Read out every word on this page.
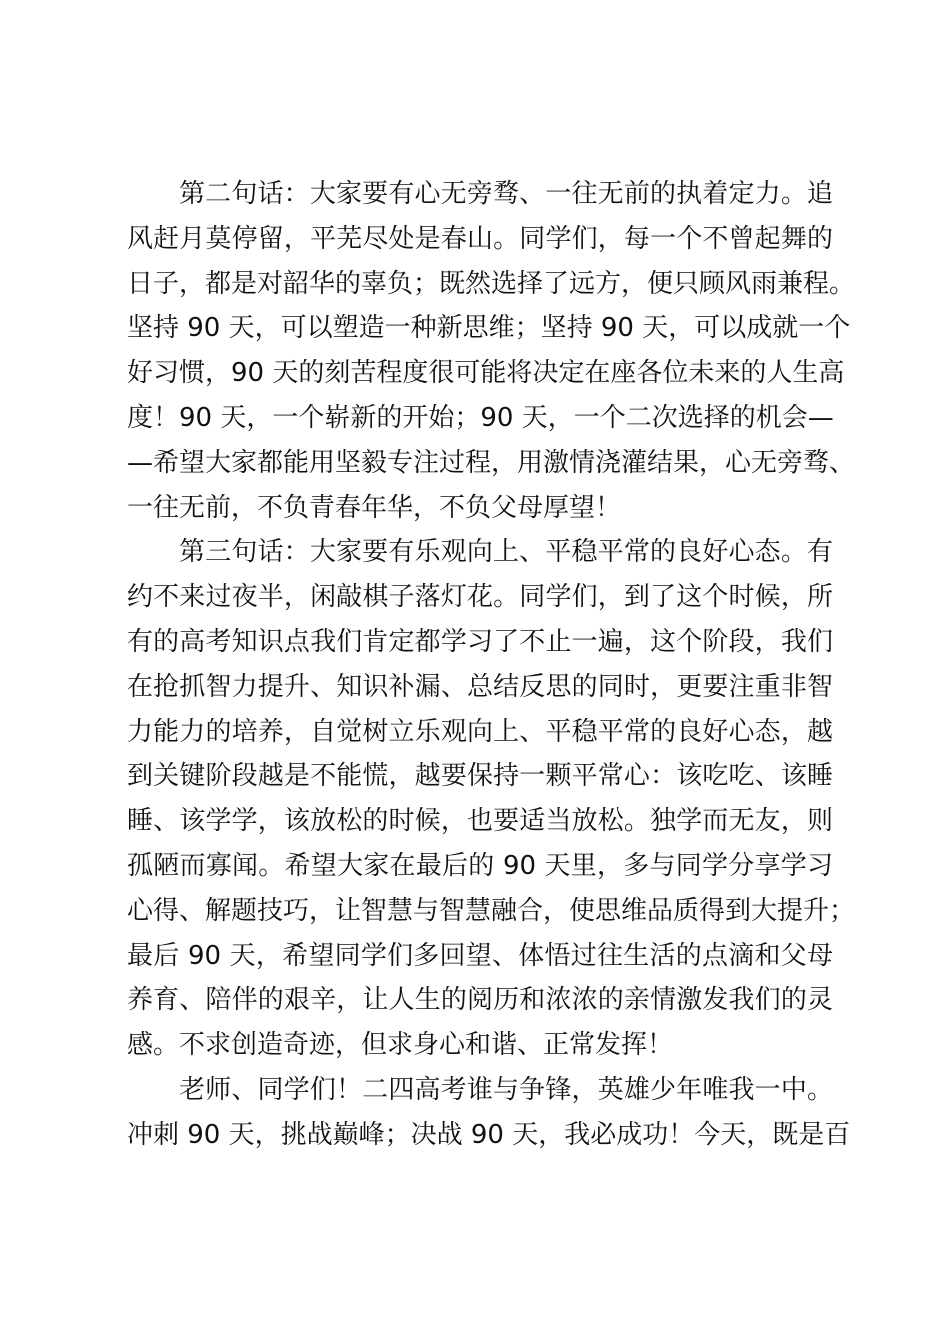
第二句话：大家要有心无旁骛、一往无前的执着定力。追
风赶月莫停留，平芜尽处是春山。同学们，每一个不曾起舞的
日子，都是对韶华的辜负；既然选择了远方，便只顾风雨兼程。
坚持 90 天，可以塑造一种新思维；坚持 90 天，可以成就一个
好习惯，90 天的刻苦程度很可能将决定在座各位未来的人生高
度！90 天，一个崭新的开始；90 天，一个二次选择的机会—
—希望大家都能用坚毅专注过程，用激情浇灌结果，心无旁骛、
一往无前，不负青春年华，不负父母厚望！
第三句话：大家要有乐观向上、平稳平常的良好心态。有
约不来过夜半，闲敲棋子落灯花。同学们，到了这个时候，所
有的高考知识点我们肯定都学习了不止一遍，这个阶段，我们
在抢抓智力提升、知识补漏、总结反思的同时，更要注重非智
力能力的培养，自觉树立乐观向上、平稳平常的良好心态，越
到关键阶段越是不能慌，越要保持一颗平常心：该吃吃、该睡
睡、该学学，该放松的时候，也要适当放松。独学而无友，则
孤陋而寡闻。希望大家在最后的 90 天里，多与同学分享学习
心得、解题技巧，让智慧与智慧融合，使思维品质得到大提升；
最后 90 天，希望同学们多回望、体悟过往生活的点滴和父母
养育、陪伴的艰辛，让人生的阅历和浓浓的亲情激发我们的灵
感。不求创造奇迹，但求身心和谐、正常发挥！
老师、同学们！二四高考谁与争锋，英雄少年唯我一中。
冲刺 90 天，挑战巅峰；决战 90 天，我必成功！今天，既是百
